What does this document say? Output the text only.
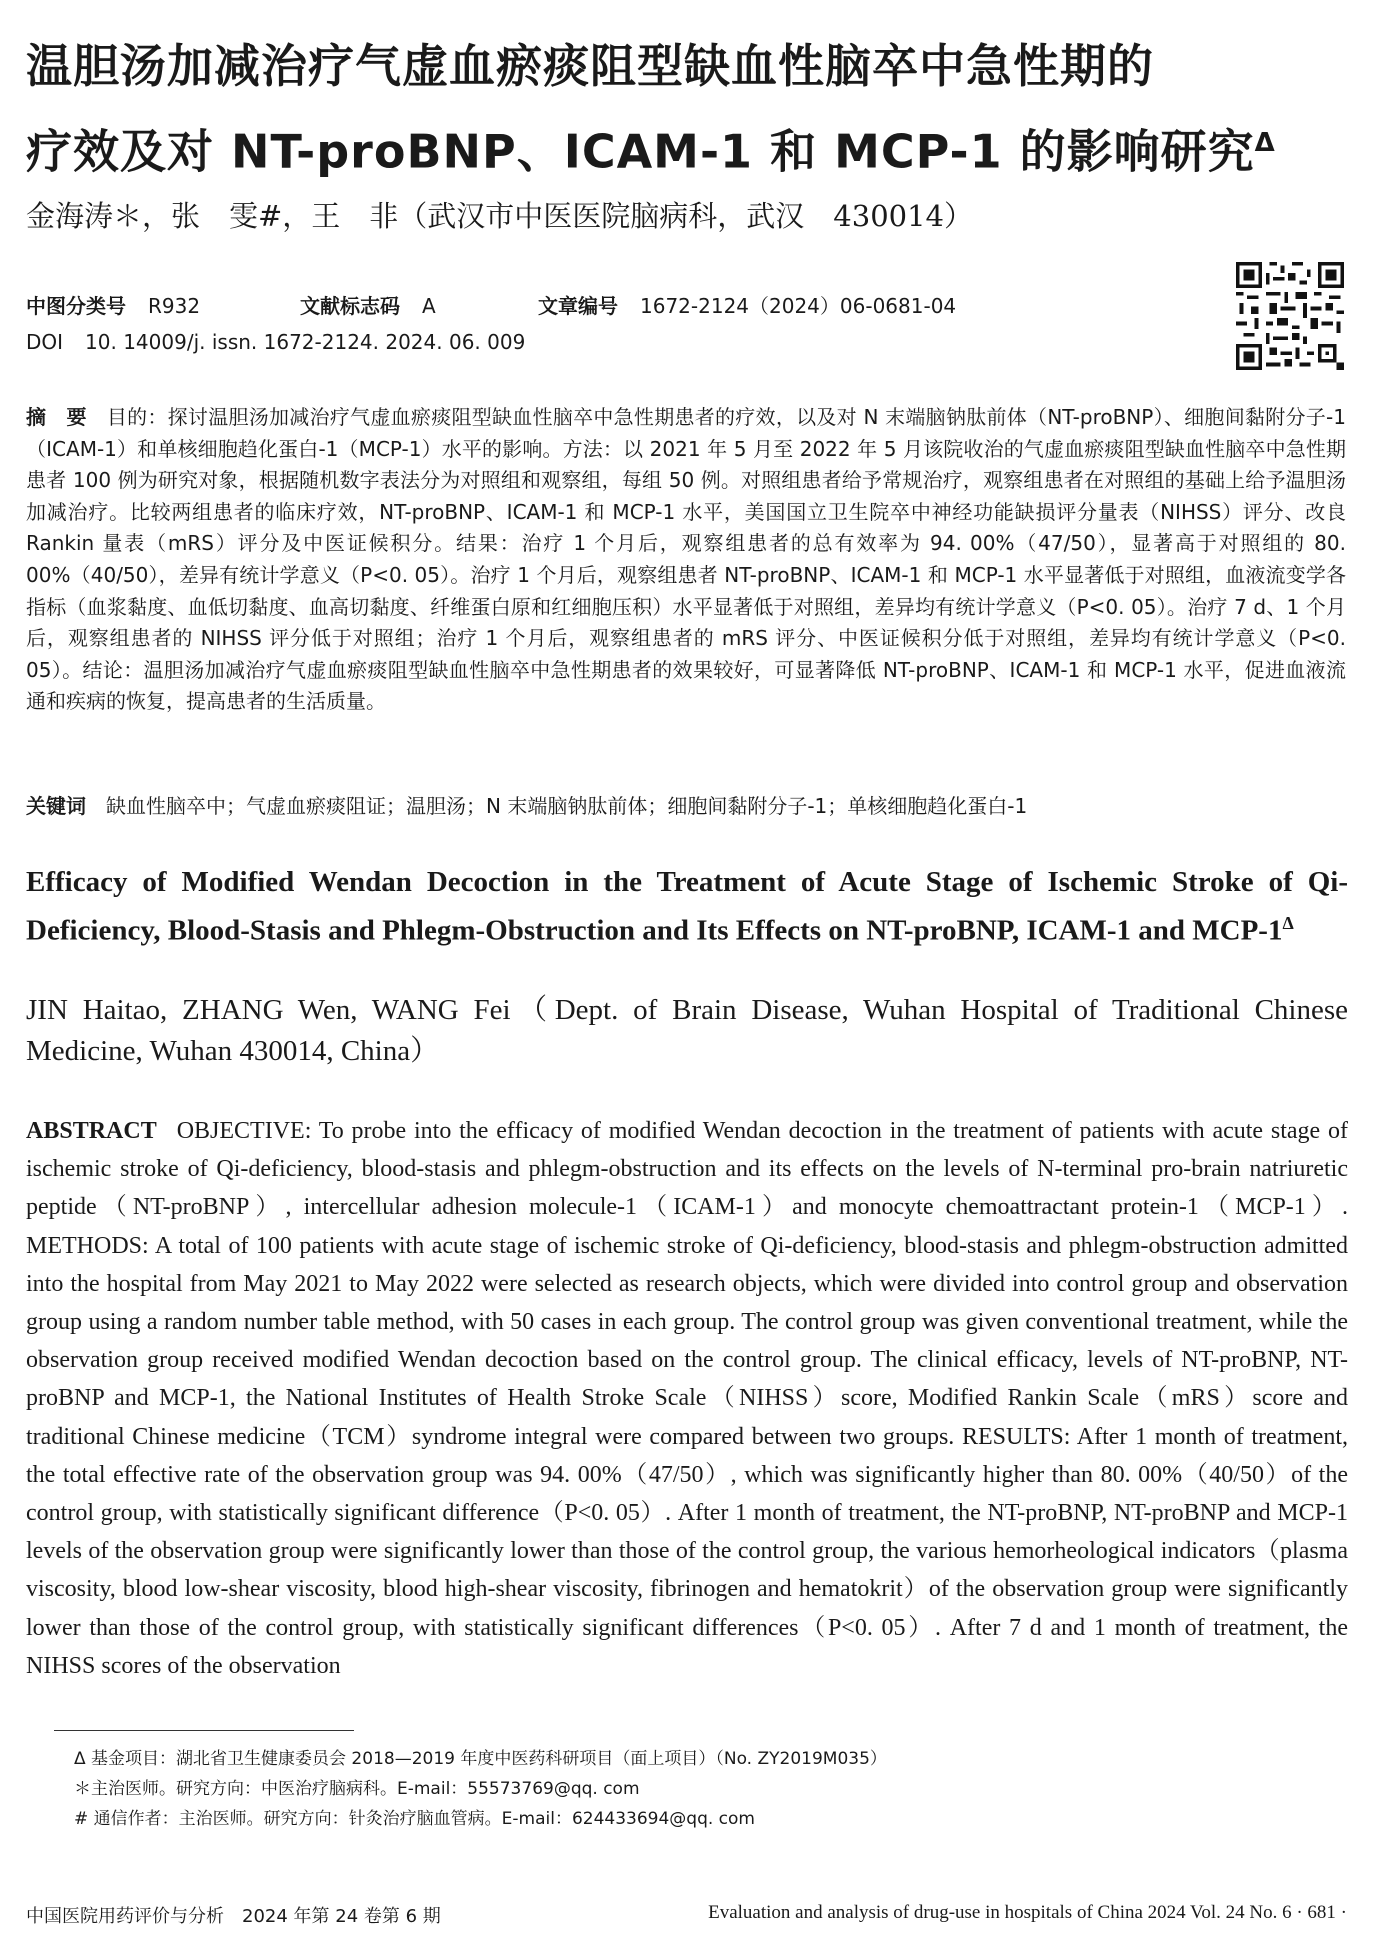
温胆汤加减治疗气虚血瘀痰阻型缺血性脑卒中急性期的
疗效及对 NT-proBNP、ICAM-1 和 MCP-1 的影响研究$^\Delta$
金海涛＊，张　雯#，王　非（武汉市中医医院脑病科，武汉　430014）
中图分类号 R932	文献标志码 A	文章编号 1672-2124（2024）06-0681-04
DOI 10. 14009/j. issn. 1672-2124. 2024. 06. 009

摘　要 目的：探讨温胆汤加减治疗气虚血瘀痰阻型缺血性脑卒中急性期患者的疗效，以及对 N 末端脑钠肽前体（NT-proBNP）、细胞间黏附分子-1（ICAM-1）和单核细胞趋化蛋白-1（MCP-1）水平的影响。方法：以 2021 年 5 月至 2022 年 5 月该院收治的气虚血瘀痰阻型缺血性脑卒中急性期患者 100 例为研究对象，根据随机数字表法分为对照组和观察组，每组 50 例。对照组患者给予常规治疗，观察组患者在对照组的基础上给予温胆汤加减治疗。比较两组患者的临床疗效，NT-proBNP、ICAM-1 和 MCP-1 水平，美国国立卫生院卒中神经功能缺损评分量表（NIHSS）评分、改良 Rankin 量表（mRS）评分及中医证候积分。结果：治疗 1 个月后，观察组患者的总有效率为 94. 00%（47/50），显著高于对照组的 80. 00%（40/50），差异有统计学意义（P<0. 05）。治疗 1 个月后，观察组患者 NT-proBNP、ICAM-1 和 MCP-1 水平显著低于对照组，血液流变学各指标（血浆黏度、血低切黏度、血高切黏度、纤维蛋白原和红细胞压积）水平显著低于对照组，差异均有统计学意义（P<0. 05）。治疗 7 d、1 个月后，观察组患者的 NIHSS 评分低于对照组；治疗 1 个月后，观察组患者的 mRS 评分、中医证候积分低于对照组，差异均有统计学意义（P<0. 05）。结论：温胆汤加减治疗气虚血瘀痰阻型缺血性脑卒中急性期患者的效果较好，可显著降低 NT-proBNP、ICAM-1 和 MCP-1 水平，促进血液流通和疾病的恢复，提高患者的生活质量。

关键词 缺血性脑卒中；气虚血瘀痰阻证；温胆汤；N 末端脑钠肽前体；细胞间黏附分子-1；单核细胞趋化蛋白-1
Efficacy of Modified Wendan Decoction in the Treatment of Acute Stage of Ischemic Stroke of Qi-Deficiency, Blood-Stasis and Phlegm-Obstruction and Its Effects on NT-proBNP, ICAM-1 and MCP-$1^\Delta$

JIN Haitao, ZHANG Wen, WANG Fei（Dept. of Brain Disease, Wuhan Hospital of Traditional Chinese Medicine, Wuhan 430014, China）

ABSTRACT OBJECTIVE: To probe into the efficacy of modified Wendan decoction in the treatment of patients with acute stage of ischemic stroke of Qi-deficiency, blood-stasis and phlegm-obstruction and its effects on the levels of N-terminal pro-brain natriuretic peptide（NT-proBNP）, intercellular adhesion molecule-1（ICAM-1）and monocyte chemoattractant protein-1（MCP-1）. METHODS: A total of 100 patients with acute stage of ischemic stroke of Qi-deficiency, blood-stasis and phlegm-obstruction admitted into the hospital from May 2021 to May 2022 were selected as research objects, which were divided into control group and observation group using a random number table method, with 50 cases in each group. The control group was given conventional treatment, while the observation group received modified Wendan decoction based on the control group. The clinical efficacy, levels of NT-proBNP, NT-proBNP and MCP-1, the National Institutes of Health Stroke Scale（NIHSS）score, Modified Rankin Scale（mRS）score and traditional Chinese medicine（TCM）syndrome integral were compared between two groups. RESULTS: After 1 month of treatment, the total effective rate of the observation group was 94. 00%（47/50）, which was significantly higher than 80. 00%（40/50）of the control group, with statistically significant difference（P<0. 05）. After 1 month of treatment, the NT-proBNP, NT-proBNP and MCP-1 levels of the observation group were significantly lower than those of the control group, the various hemorheological indicators（plasma viscosity, blood low-shear viscosity, blood high-shear viscosity, fibrinogen and hematokrit）of the observation group were significantly lower than those of the control group, with statistically significant differences（P<0. 05）. After 7 d and 1 month of treatment, the NIHSS scores of the observation

Δ 基金项目：湖北省卫生健康委员会 2018—2019 年度中医药科研项目（面上项目）（No. ZY2019M035）
＊主治医师。研究方向：中医治疗脑病科。E-mail：55573769@qq. com
# 通信作者：主治医师。研究方向：针灸治疗脑血管病。E-mail：624433694@qq. com
中国医院用药评价与分析　2024 年第 24 卷第 6 期	Evaluation and analysis of drug-use in hospitals of China 2024 Vol. 24 No. 6 · 681 ·
